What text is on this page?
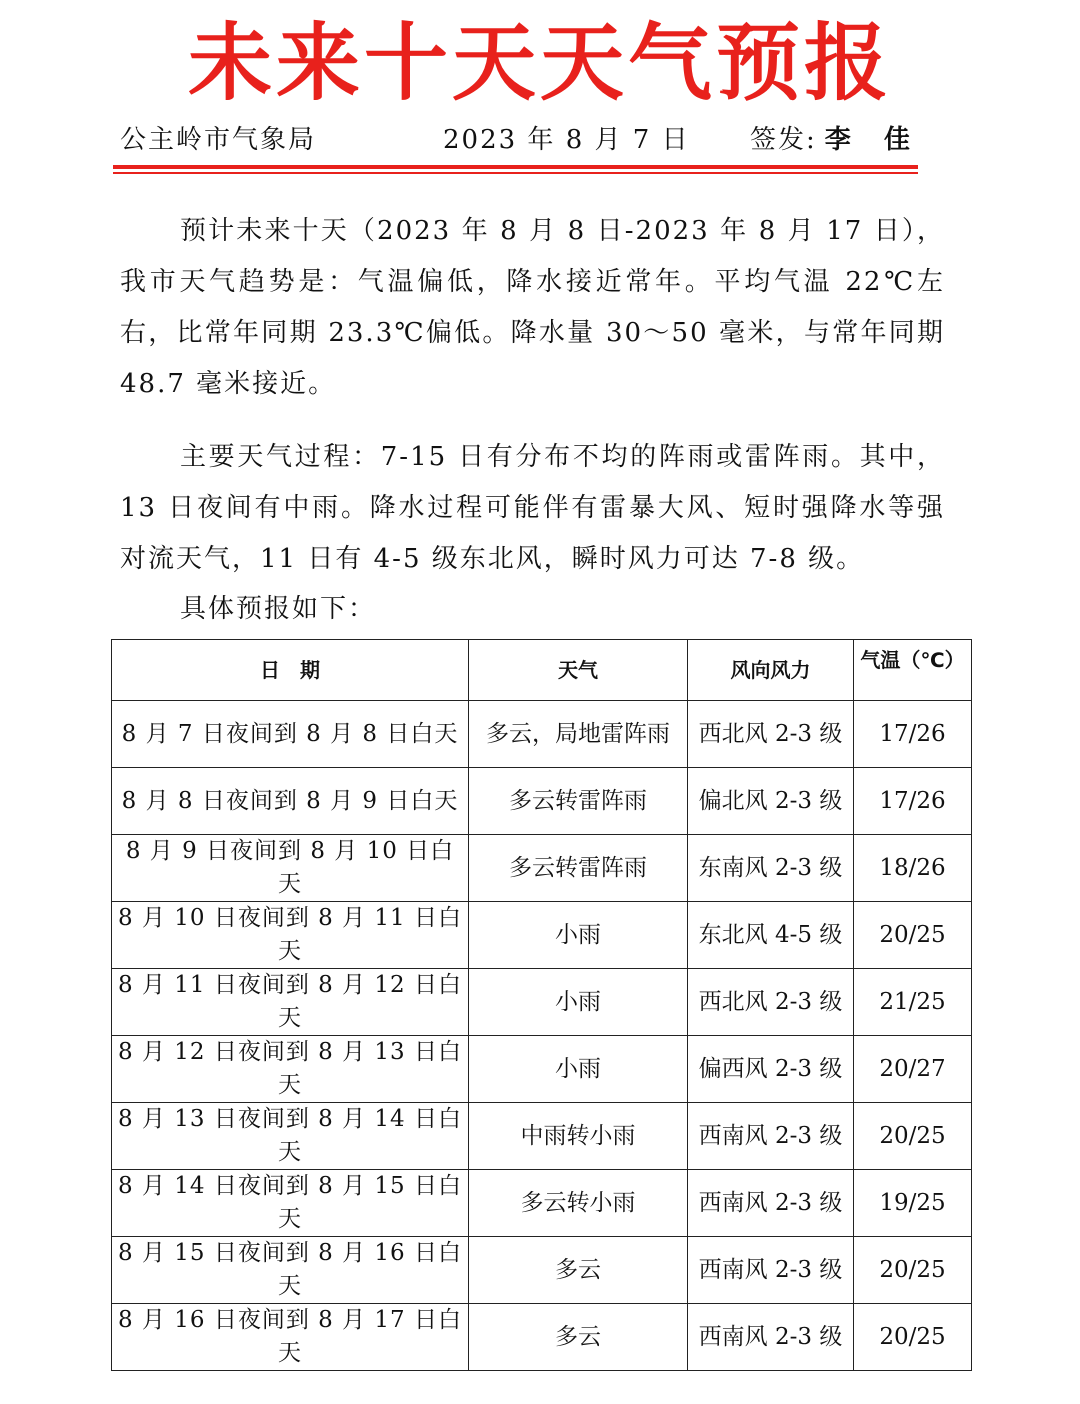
未来十天天气预报
公主岭市气象局	2023 年 8 月 7 日 签发: 李 佳

预计未来十天（2023 年 8 月 8 日-2023 年 8 月 17 日），我市天气趋势是：气温偏低，降水接近常年。平均气温 22℃左右，比常年同期 23.3℃偏低。降水量 30～50 毫米，与常年同期 48.7 毫米接近。

主要天气过程：7-15 日有分布不均的阵雨或雷阵雨。其中，13 日夜间有中雨。降水过程可能伴有雷暴大风、短时强降水等强对流天气，11 日有 4-5 级东北风，瞬时风力可达 7-8 级。

具体预报如下：

日　期	天气	风向风力	气温（℃）
8 月 7 日夜间到 8 月 8 日白天	多云，局地雷阵雨	西北风 2-3 级	17/26
8 月 8 日夜间到 8 月 9 日白天	多云转雷阵雨	偏北风 2-3 级	17/26
8 月 9 日夜间到 8 月 10 日白天	多云转雷阵雨	东南风 2-3 级	18/26
8 月 10 日夜间到 8 月 11 日白天	小雨	东北风 4-5 级	20/25
8 月 11 日夜间到 8 月 12 日白天	小雨	西北风 2-3 级	21/25
8 月 12 日夜间到 8 月 13 日白天	小雨	偏西风 2-3 级	20/27
8 月 13 日夜间到 8 月 14 日白天	中雨转小雨	西南风 2-3 级	20/25
8 月 14 日夜间到 8 月 15 日白天	多云转小雨	西南风 2-3 级	19/25
8 月 15 日夜间到 8 月 16 日白天	多云	西南风 2-3 级	20/25
8 月 16 日夜间到 8 月 17 日白天	多云	西南风 2-3 级	20/25
